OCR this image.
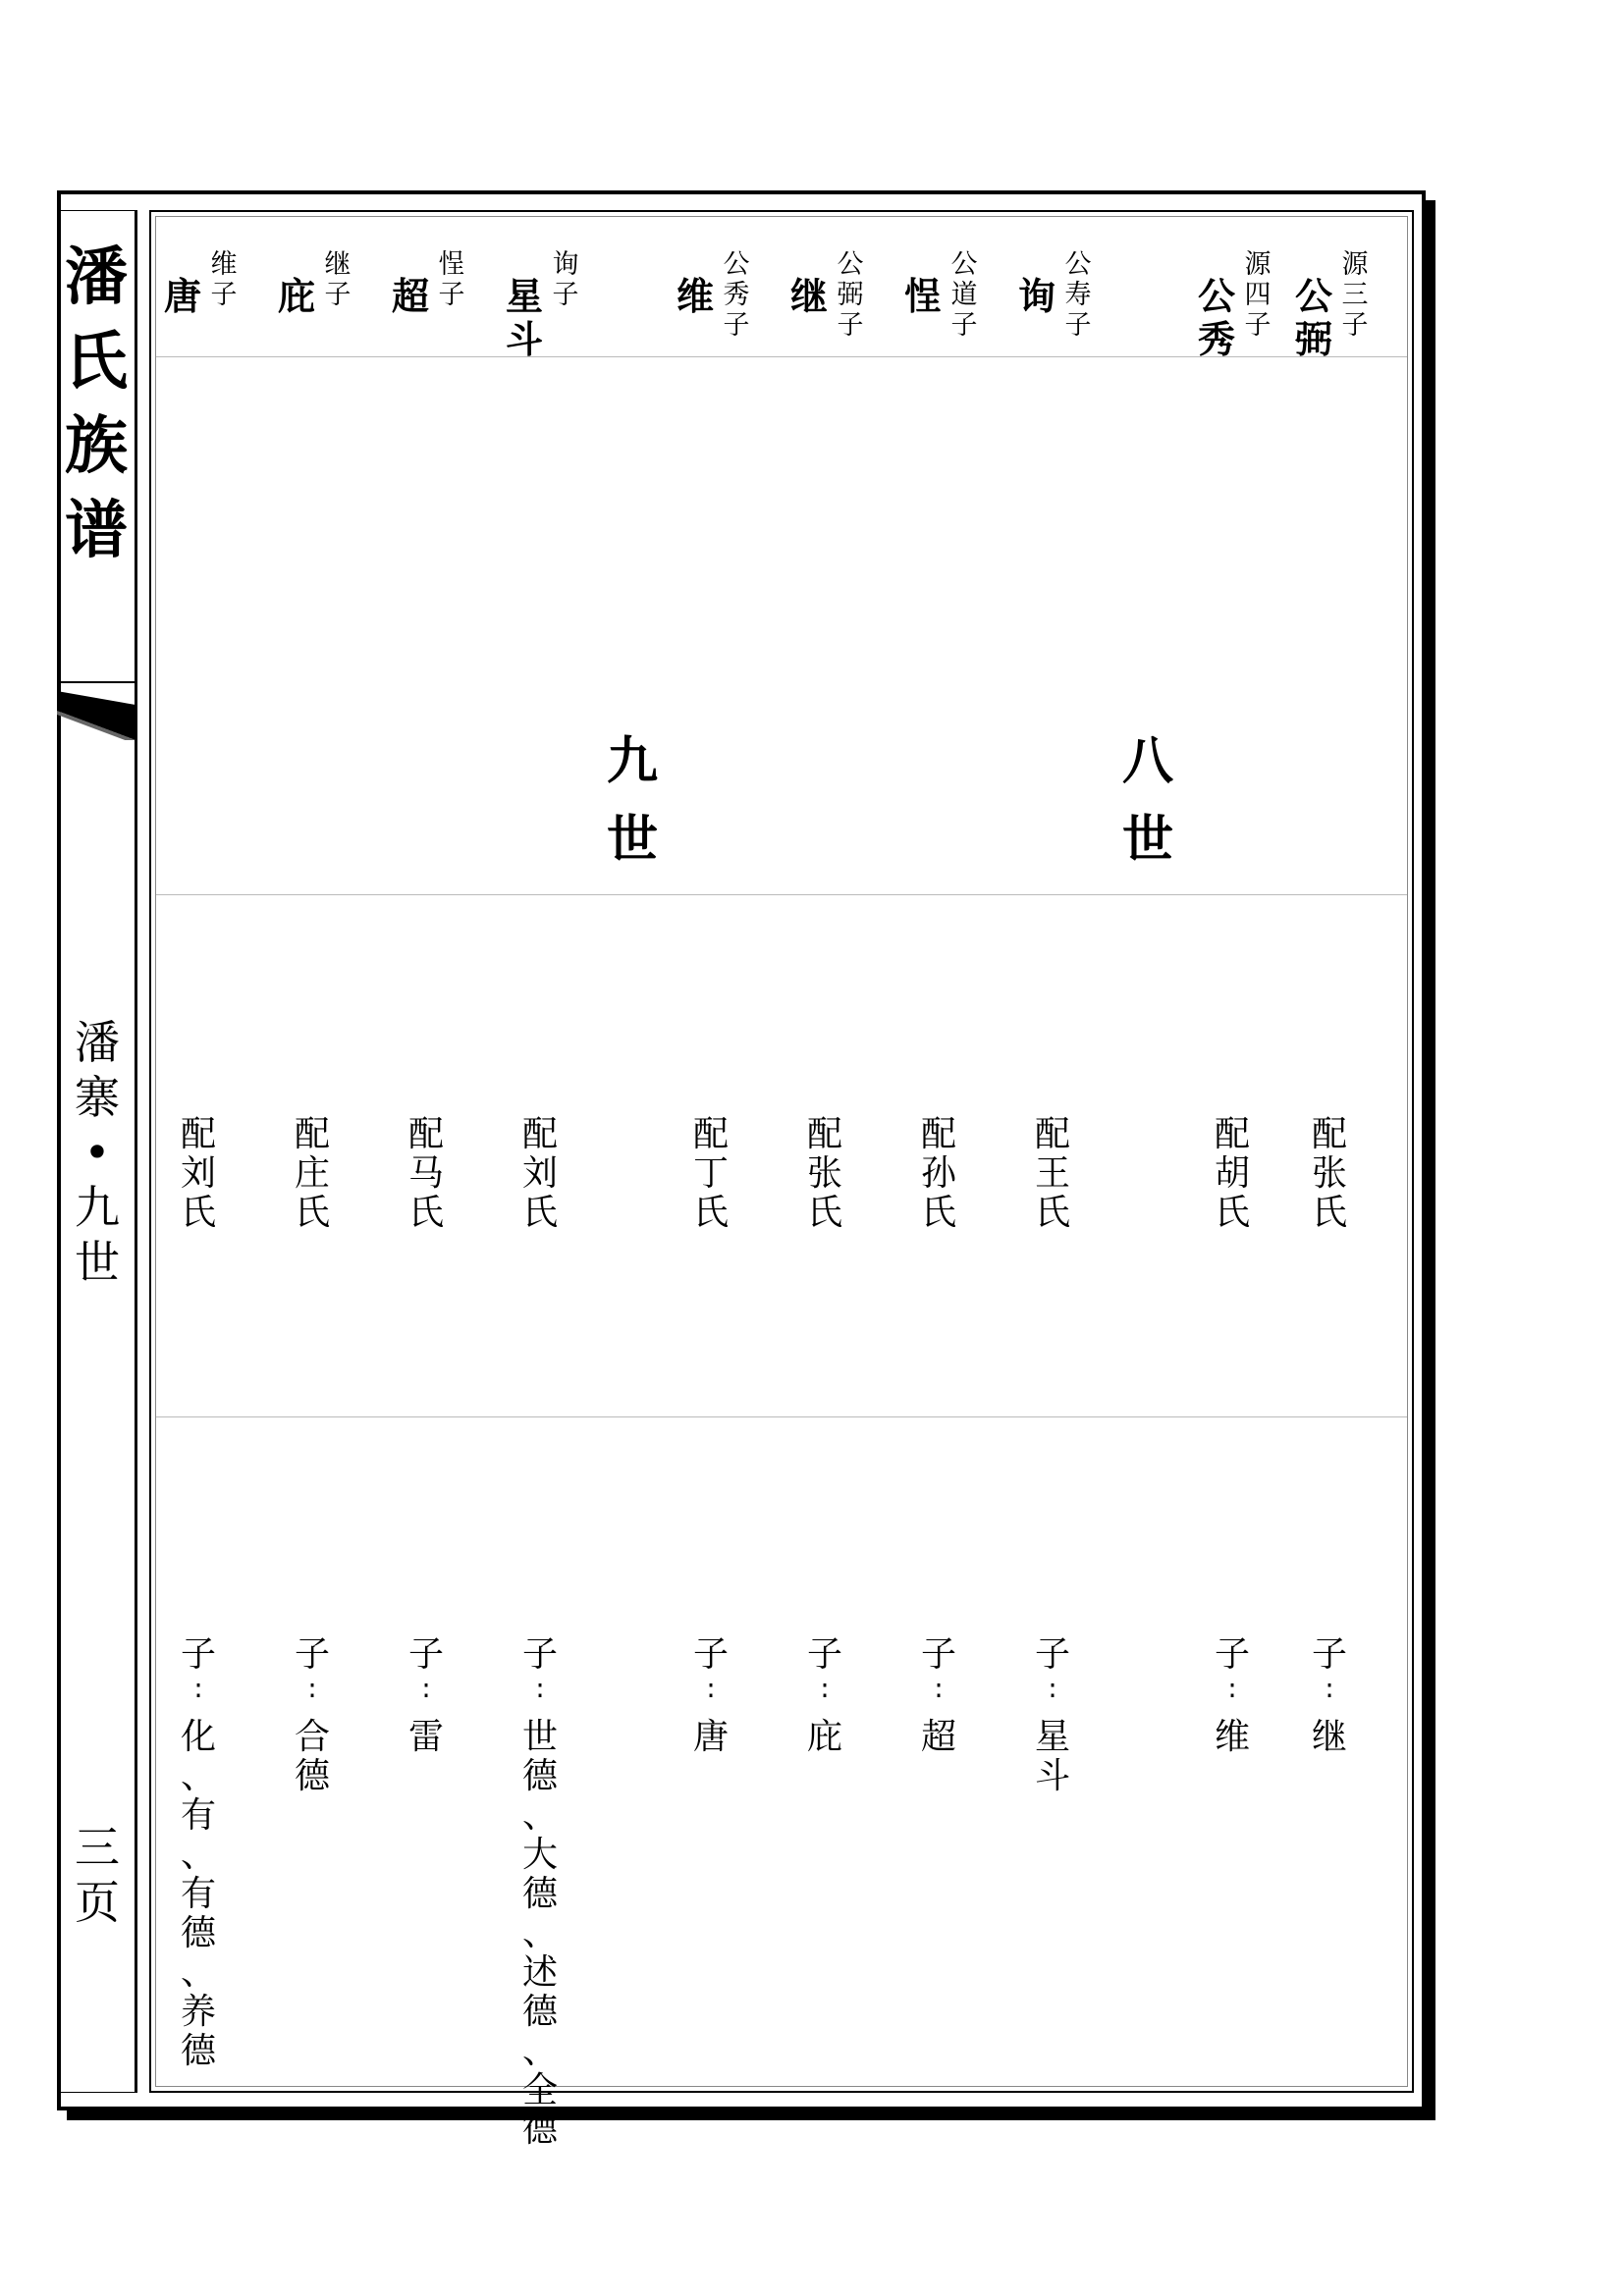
潘
氏
族
谱
潘
寨
•
九
世
三
页
八
世
九
世
公
弼
源
三
子
配
张
氏
子
∶
继
公
秀
源
四
子
配
胡
氏
子
∶
维
询
公
寿
子
配
王
氏
子
∶
星
斗
悜
公
道
子
配
孙
氏
子
∶
超
继
公
弼
子
配
张
氏
子
∶
庇
维
公
秀
子
配
丁
氏
子
∶
唐
星
斗
询
子
配
刘
氏
子
∶
世
德
、
大
德
、
述
德
、
全
德
超
悜
子
配
马
氏
子
∶
雷
庇
继
子
配
庄
氏
子
∶
合
德
唐
维
子
配
刘
氏
子
∶
化
、
有
、
有
德
、
养
德
